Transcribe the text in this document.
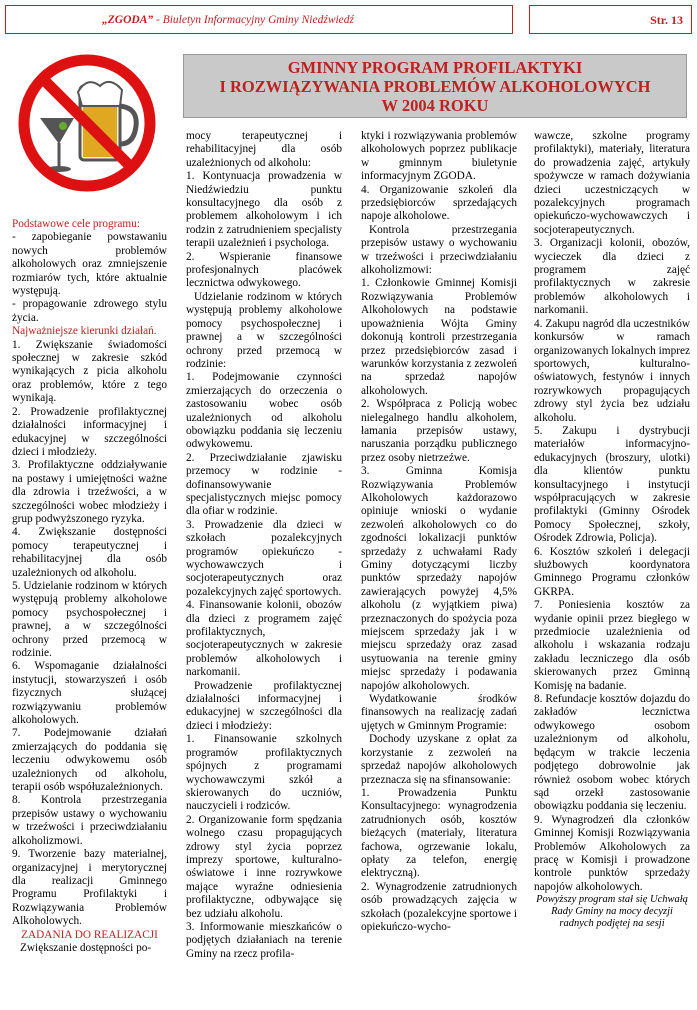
„ZGODA” - Biuletyn Informacyjny Gminy Niedźwiedź	Str. 13
GMINNY PROGRAM PROFILAKTYKI
I ROZWIĄZYWANIA PROBLEMÓW ALKOHOLOWYCH
W 2004 ROKU

Podstawowe cele programu:

- zapobieganie powstawaniu nowych problemów alkoholowych oraz zmniejszenie rozmiarów tych, które aktualnie występują.

- propagowanie zdrowego stylu życia.

Najważniejsze kierunki działań.

1. Zwiększanie świadomości społecznej w zakresie szkód wynikających z picia alkoholu oraz problemów, które z tego wynikają.

2. Prowadzenie profilaktycznej działalności informacyjnej i edukacyjnej w szczególności dzieci i młodzieży.

3. Profilaktyczne oddziaływanie na postawy i umiejętności ważne dla zdrowia i trzeźwości, a w szczególności wobec młodzieży i grup podwyższonego ryzyka.

4. Zwiększanie dostępności pomocy terapeutycznej i rehabilitacyjnej dla osób uzależnionych od alkoholu.

5. Udzielanie rodzinom w których występują problemy alkoholowe pomocy psychospołecznej i prawnej, a w szczególności ochrony przed przemocą w rodzinie.

6. Wspomaganie działalności instytucji, stowarzyszeń i osób fizycznych służącej rozwiązywaniu problemów alkoholowych.

7. Podejmowanie działań zmierzających do poddania się leczeniu odwykowemu osób uzależnionych od alkoholu, terapii osób współuzależnionych.

8. Kontrola przestrzegania przepisów ustawy o wychowaniu w trzeźwości i przeciwdziałaniu alkoholizmowi.

9. Tworzenie bazy materialnej, organizacyjnej i merytorycznej dla realizacji Gminnego Programu Profilaktyki i Rozwiązywania Problemów Alkoholowych.

ZADANIA DO REALIZACJI

Zwiększanie dostępności po-

mocy terapeutycznej i rehabilitacyjnej dla osób uzależnionych od alkoholu:

1. Kontynuacja prowadzenia w Niedźwiedziu punktu konsultacyjnego dla osób z problemem alkoholowym i ich rodzin z zatrudnieniem specjalisty terapii uzależnień i psychologa.

2. Wspieranie finansowe profesjonalnych placówek lecznictwa odwykowego.

Udzielanie rodzinom w których występują problemy alkoholowe pomocy psychospołecznej i prawnej a w szczególności ochrony przed przemocą w rodzinie:

1. Podejmowanie czynności zmierzających do orzeczenia o zastosowaniu wobec osób uzależnionych od alkoholu obowiązku poddania się leczeniu odwykowemu.

2. Przeciwdziałanie zjawisku przemocy w rodzinie - dofinansowywanie specjalistycznych miejsc pomocy dla ofiar w rodzinie.

3. Prowadzenie dla dzieci w szkołach pozalekcyjnych programów opiekuńczo - wychowawczych i socjoterapeutycznych oraz pozalekcyjnych zajęć sportowych.

4. Finansowanie kolonii, obozów dla dzieci z programem zajęć profilaktycznych, socjoterapeutycznych w zakresie problemów alkoholowych i narkomanii.

Prowadzenie profilaktycznej działalności informacyjnej i edukacyjnej w szczególności dla dzieci i młodzieży:

1. Finansowanie szkolnych programów profilaktycznych spójnych z programami wychowawczymi szkół a skierowanych do uczniów, nauczycieli i rodziców.

2. Organizowanie form spędzania wolnego czasu propagujących zdrowy styl życia poprzez imprezy sportowe, kulturalno-oświatowe i inne rozrywkowe mające wyraźne odniesienia profilaktyczne, odbywające się bez udziału alkoholu.

3. Informowanie mieszkańców o podjętych działaniach na terenie Gminy na rzecz profila-

ktyki i rozwiązywania problemów alkoholowych poprzez publikacje w gminnym biuletynie informacyjnym ZGODA.

4. Organizowanie szkoleń dla przedsiębiorców sprzedających napoje alkoholowe.

Kontrola przestrzegania przepisów ustawy o wychowaniu w trzeźwości i przeciwdziałaniu alkoholizmowi:

1. Członkowie Gminnej Komisji Rozwiązywania Problemów Alkoholowych na podstawie upoważnienia Wójta Gminy dokonują kontroli przestrzegania przez przedsiębiorców zasad i warunków korzystania z zezwoleń na sprzedaż napojów alkoholowych.

2. Współpraca z Policją wobec nielegalnego handlu alkoholem, łamania przepisów ustawy, naruszania porządku publicznego przez osoby nietrzeźwe.

3. Gminna Komisja Rozwiązywania Problemów Alkoholowych każdorazowo opiniuje wnioski o wydanie zezwoleń alkoholowych co do zgodności lokalizacji punktów sprzedaży z uchwałami Rady Gminy dotyczącymi liczby punktów sprzedaży napojów zawierających powyżej 4,5% alkoholu (z wyjątkiem piwa) przeznaczonych do spożycia poza miejscem sprzedaży jak i w miejscu sprzedaży oraz zasad usytuowania na terenie gminy miejsc sprzedaży i podawania napojów alkoholowych.

Wydatkowanie środków finansowych na realizację zadań ujętych w Gminnym Programie:

Dochody uzyskane z opłat za korzystanie z zezwoleń na sprzedaż napojów alkoholowych przeznacza się na sfinansowanie:

1. Prowadzenia Punktu Konsultacyjnego: wynagrodzenia zatrudnionych osób, kosztów bieżących (materiały, literatura fachowa, ogrzewanie lokalu, opłaty za telefon, energię elektryczną).

2. Wynagrodzenie zatrudnionych osób prowadzących zajęcia w szkołach (pozalekcyjne sportowe i opiekuńczo-wycho-

wawcze, szkolne programy profilaktyki), materiały, literatura do prowadzenia zajęć, artykuły spożywcze w ramach dożywiania dzieci uczestniczących w pozalekcyjnych programach opiekuńczo-wychowawczych i socjoterapeutycznych.

3. Organizacji kolonii, obozów, wycieczek dla dzieci z programem zajęć profilaktycznych w zakresie problemów alkoholowych i narkomanii.

4. Zakupu nagród dla uczestników konkursów w ramach organizowanych lokalnych imprez sportowych, kulturalno-oświatowych, festynów i innych rozrywkowych propagujących zdrowy styl życia bez udziału alkoholu.

5. Zakupu i dystrybucji materiałów informacyjno-edukacyjnych (broszury, ulotki) dla klientów punktu konsultacyjnego i instytucji współpracujących w zakresie profilaktyki (Gminny Ośrodek Pomocy Społecznej, szkoły, Ośrodek Zdrowia, Policja).

6. Kosztów szkoleń i delegacji służbowych koordynatora Gminnego Programu członków GKRPA.

7. Poniesienia kosztów za wydanie opinii przez biegłego w przedmiocie uzależnienia od alkoholu i wskazania rodzaju zakładu leczniczego dla osób skierowanych przez Gminną Komisję na badanie.

8. Refundacje kosztów dojazdu do zakładów lecznictwa odwykowego osobom uzależnionym od alkoholu, będącym w trakcie leczenia podjętego dobrowolnie jak również osobom wobec których sąd orzekł zastosowanie obowiązku poddania się leczeniu.

9. Wynagrodzeń dla członków Gminnej Komisji Rozwiązywania Problemów Alkoholowych za pracę w Komisji i prowadzone kontrole punktów sprzedaży napojów alkoholowych.

Powyższy program stał się Uchwałą Rady Gminy na mocy decyzji radnych podjętej na sesji
